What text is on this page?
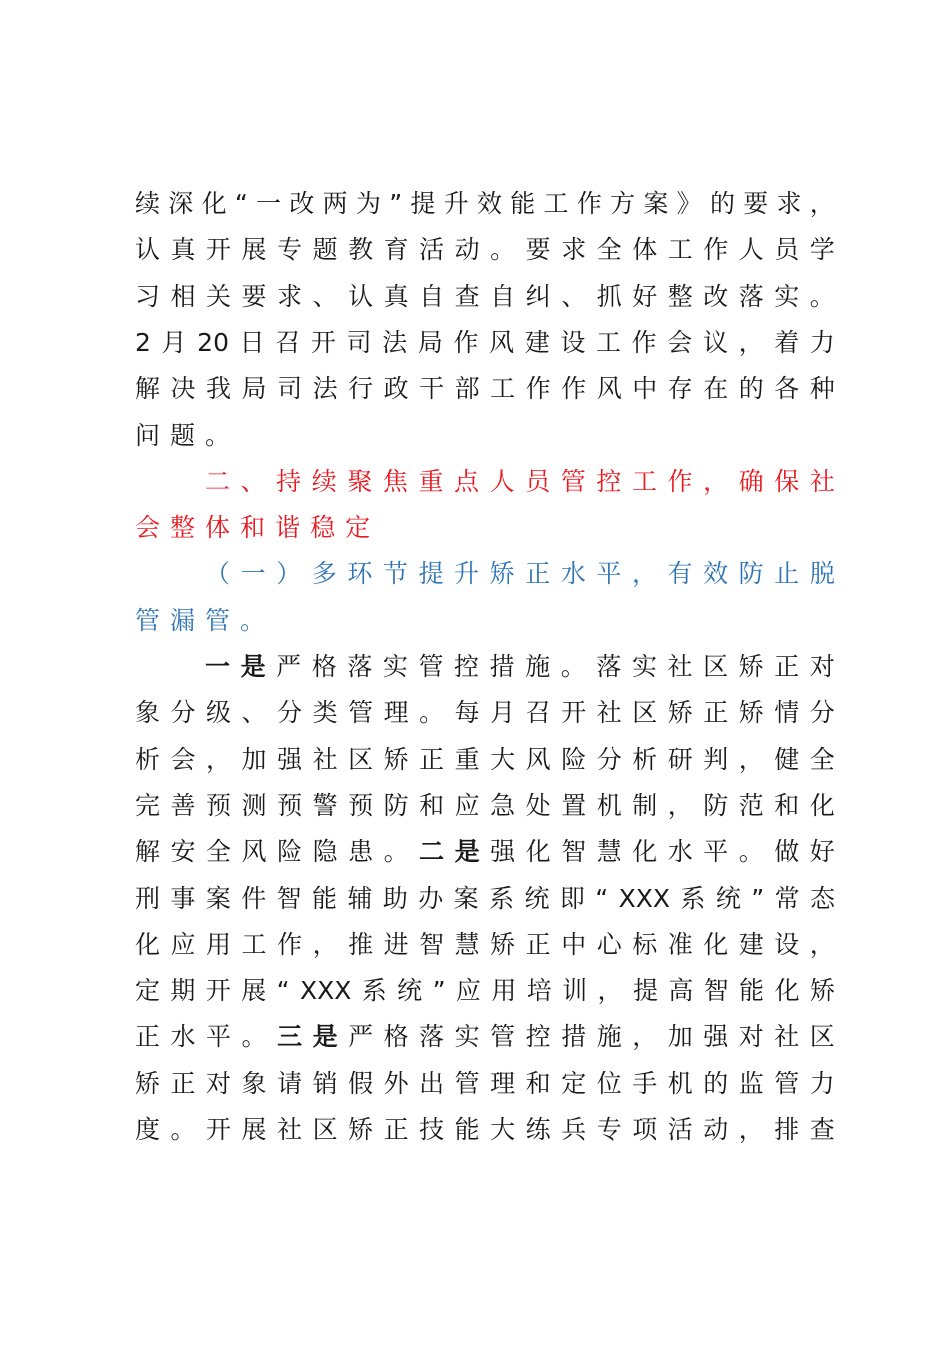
续 深 化 “ 一 改 两 为 ” 提 升 效 能 工 作 方 案 》 的 要 求 ，
认 真 开 展 专 题 教 育 活 动 。 要 求 全 体 工 作 人 员 学
习 相 关 要 求 、 认 真 自 查 自 纠 、 抓 好 整 改 落 实 。
2 月 20 日 召 开 司 法 局 作 风 建 设 工 作 会 议 ， 着 力
解 决 我 局 司 法 行 政 干 部 工 作 作 风 中 存 在 的 各 种
问题。
二 、 持 续 聚 焦 重 点 人 员 管 控 工 作 ， 确 保 社
会整体和谐稳定
（ 一 ） 多 环 节 提 升 矫 正 水 平 ， 有 效 防 止 脱
管漏管。
一 是 严 格 落 实 管 控 措 施 。 落 实 社 区 矫 正 对
象 分 级 、 分 类 管 理 。 每 月 召 开 社 区 矫 正 矫 情 分
析 会 ， 加 强 社 区 矫 正 重 大 风 险 分 析 研 判 ， 健 全
完 善 预 测 预 警 预 防 和 应 急 处 置 机 制 ， 防 范 和 化
解 安 全 风 险 隐 患 。 二 是 强 化 智 慧 化 水 平 。 做 好
刑 事 案 件 智 能 辅 助 办 案 系 统 即 “ XXX 系 统 ” 常 态
化 应 用 工 作 ， 推 进 智 慧 矫 正 中 心 标 准 化 建 设 ，
定 期 开 展 “ XXX 系 统 ” 应 用 培 训 ， 提 高 智 能 化 矫
正 水 平 。 三 是 严 格 落 实 管 控 措 施 ， 加 强 对 社 区
矫 正 对 象 请 销 假 外 出 管 理 和 定 位 手 机 的 监 管 力
度 。 开 展 社 区 矫 正 技 能 大 练 兵 专 项 活 动 ， 排 查
